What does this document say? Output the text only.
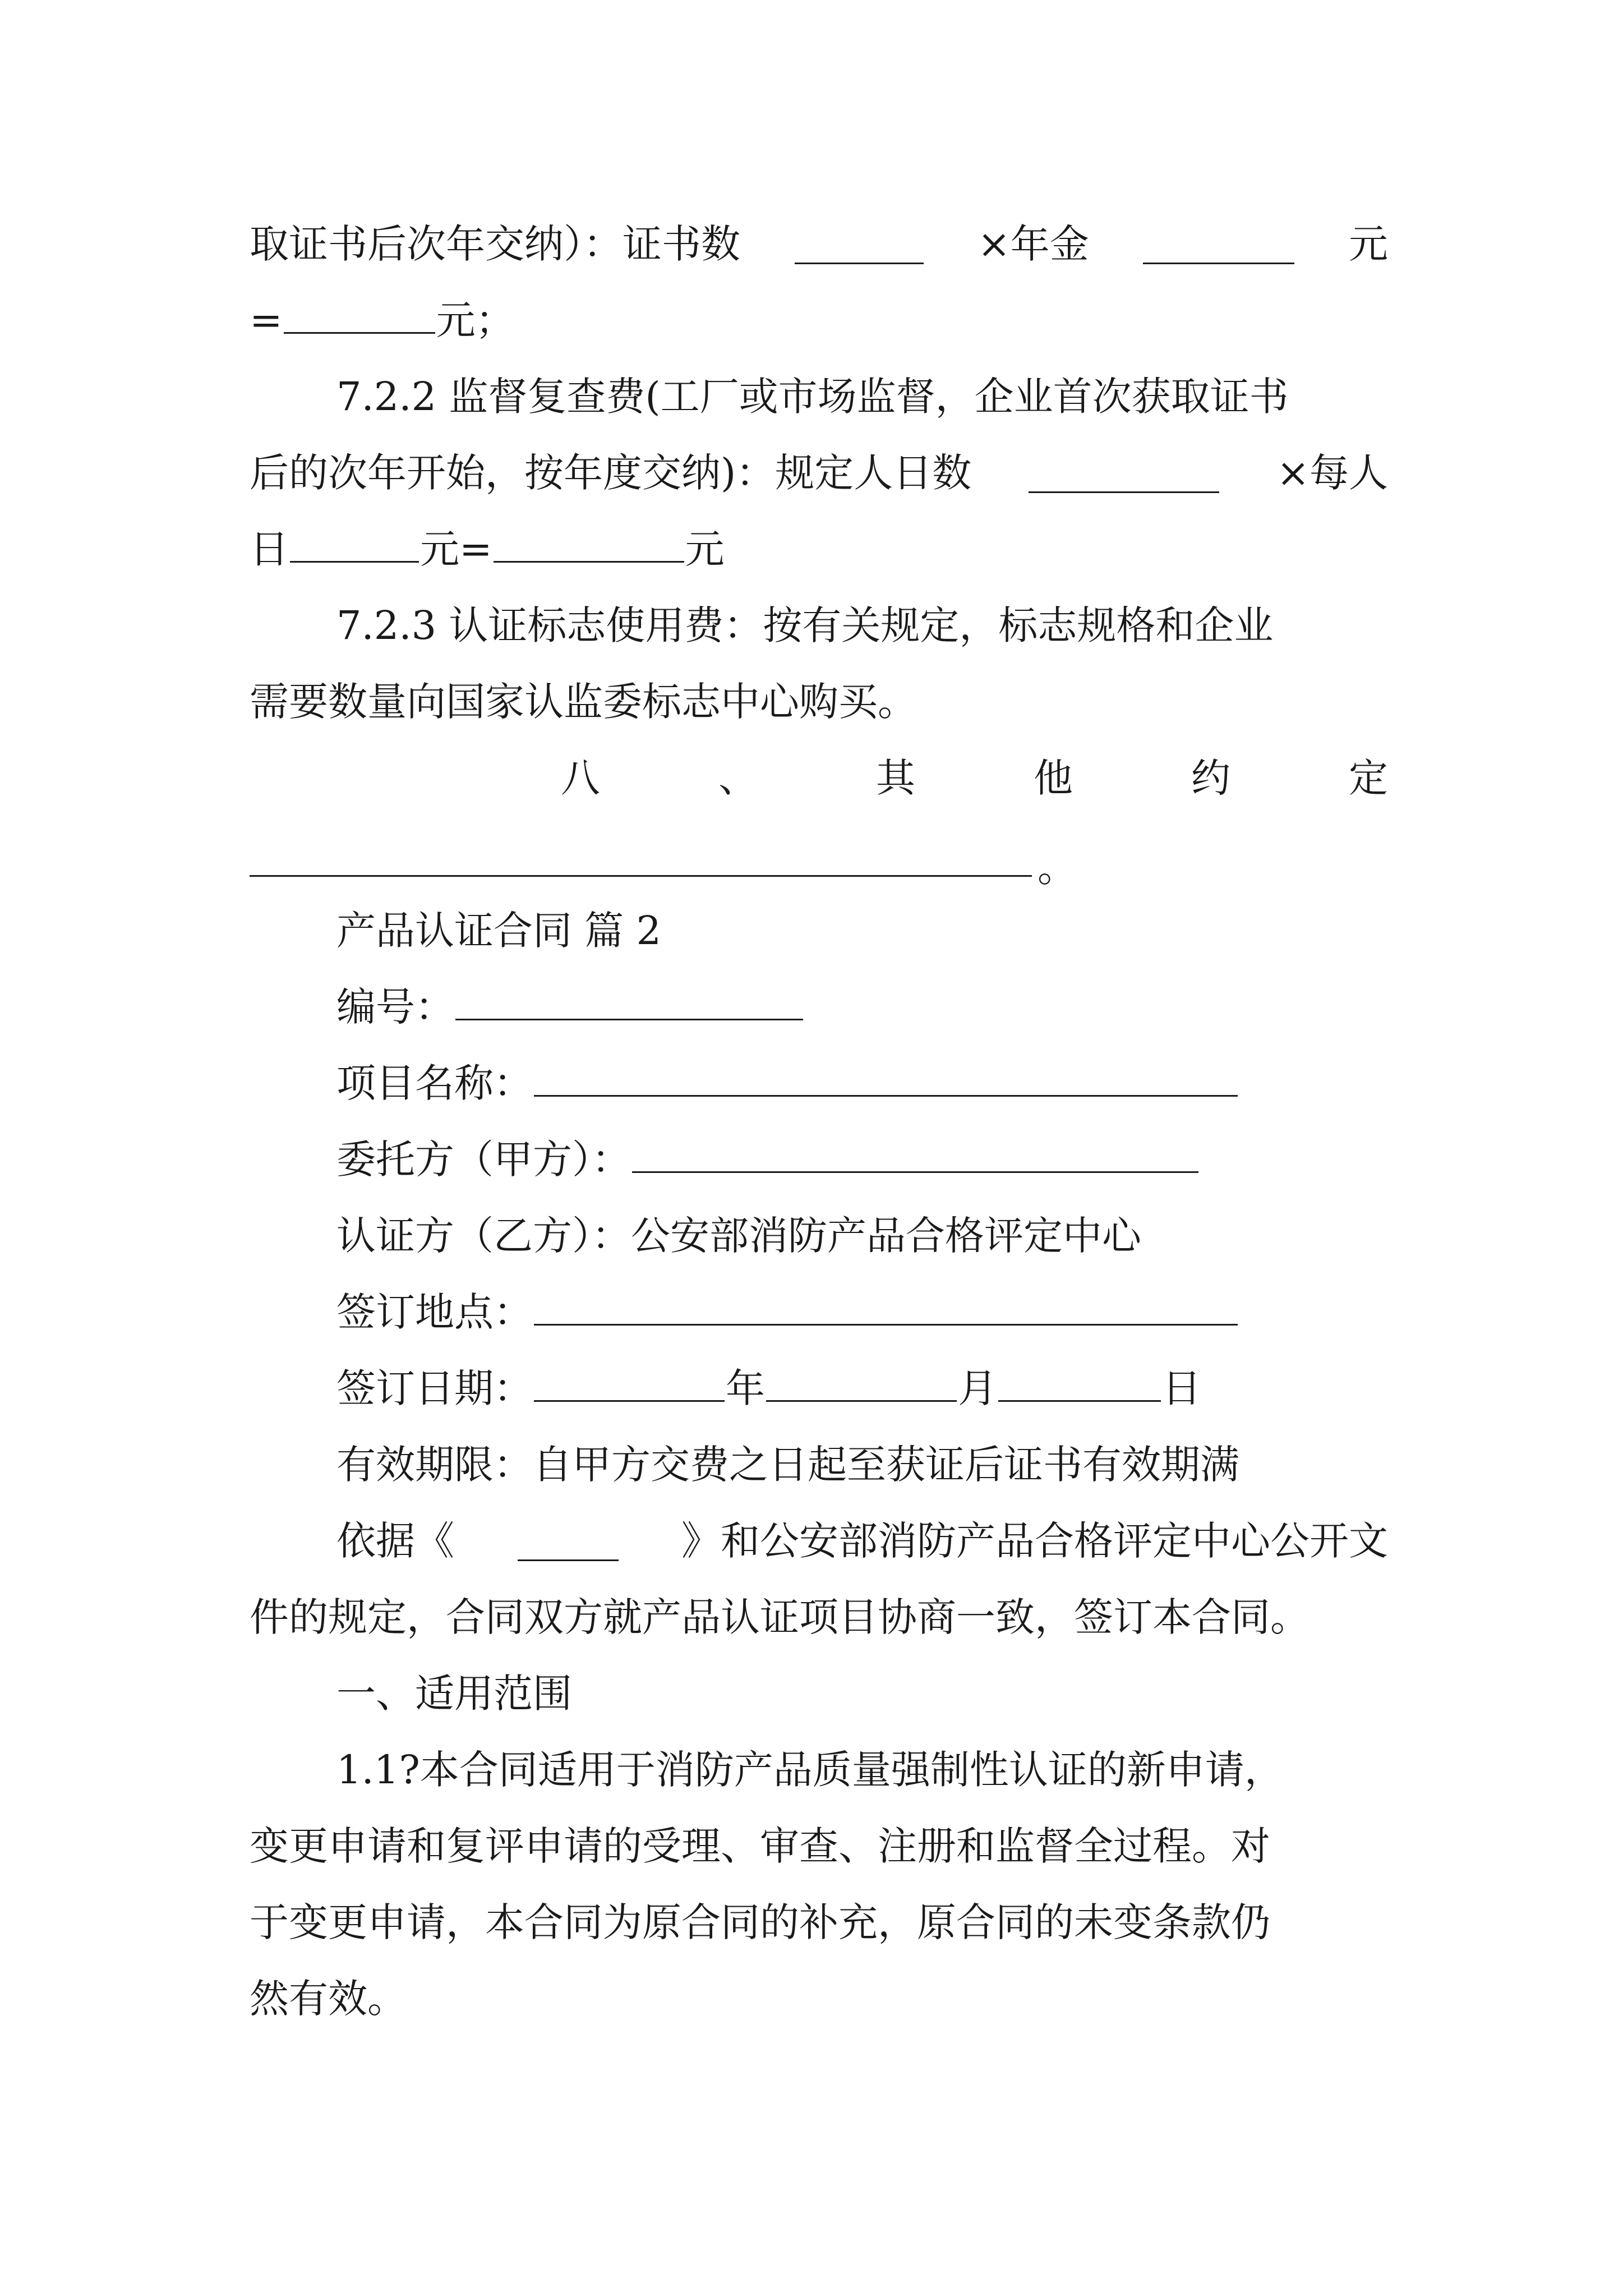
取证书后次年交纳）：证书数	×年金	元
=	元；
7.2.2 监督复查费(工厂或市场监督，企业首次获取证书
后的次年开始，按年度交纳)：规定人日数	×每人
日	元=	元
7.2.3 认证标志使用费：按有关规定，标志规格和企业
需要数量向国家认监委标志中心购买。
八	、	其	他	约	定
。
产品认证合同 篇 2
编号：
项目名称：
委托方（甲方）：
认证方（乙方）：公安部消防产品合格评定中心
签订地点：
签订日期：	年	月	日
有效期限：自甲方交费之日起至获证后证书有效期满
依据《	》和公安部消防产品合格评定中心公开文
件的规定，合同双方就产品认证项目协商一致，签订本合同。
一、适用范围
1.1?本合同适用于消防产品质量强制性认证的新申请，
变更申请和复评申请的受理、审查、注册和监督全过程。对
于变更申请，本合同为原合同的补充，原合同的未变条款仍
然有效。
